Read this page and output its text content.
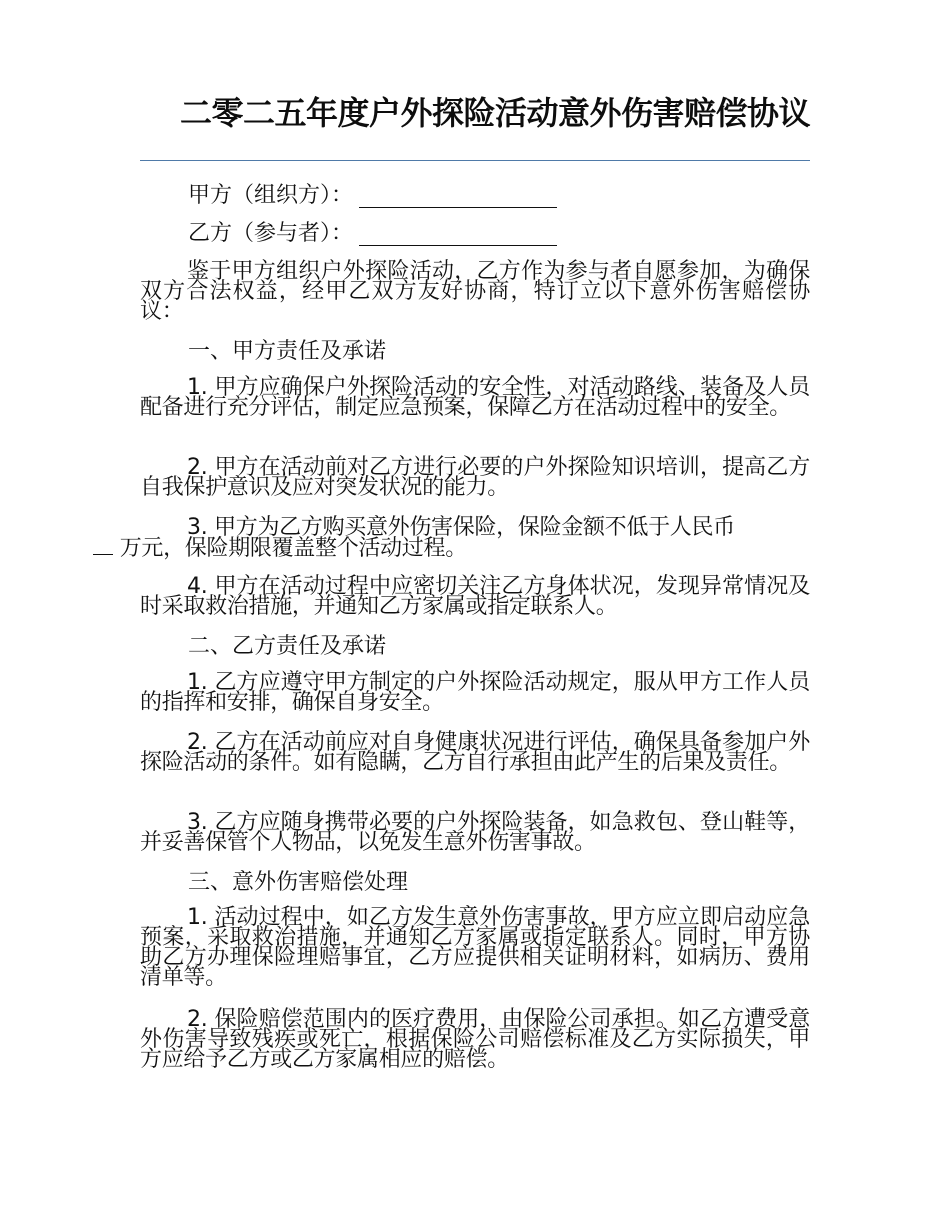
二零二五年度户外探险活动意外伤害赔偿协议
甲方（组织方）：
乙方（参与者）：

鉴于甲方组织户外探险活动，乙方作为参与者自愿参加，为确保双方合法权益，经甲乙双方友好协商，特订立以下意外伤害赔偿协议：

一、甲方责任及承诺

1. 甲方应确保户外探险活动的安全性，对活动路线、装备及人员配备进行充分评估，制定应急预案，保障乙方在活动过程中的安全。

2. 甲方在活动前对乙方进行必要的户外探险知识培训，提高乙方自我保护意识及应对突发状况的能力。

3. 甲方为乙方购买意外伤害保险，保险金额不低于人民币
万元，保险期限覆盖整个活动过程。

4. 甲方在活动过程中应密切关注乙方身体状况，发现异常情况及时采取救治措施，并通知乙方家属或指定联系人。

二、乙方责任及承诺

1. 乙方应遵守甲方制定的户外探险活动规定，服从甲方工作人员的指挥和安排，确保自身安全。

2. 乙方在活动前应对自身健康状况进行评估，确保具备参加户外探险活动的条件。如有隐瞒，乙方自行承担由此产生的后果及责任。

3. 乙方应随身携带必要的户外探险装备，如急救包、登山鞋等，并妥善保管个人物品，以免发生意外伤害事故。

三、意外伤害赔偿处理

1. 活动过程中，如乙方发生意外伤害事故，甲方应立即启动应急预案，采取救治措施，并通知乙方家属或指定联系人。同时，甲方协助乙方办理保险理赔事宜，乙方应提供相关证明材料，如病历、费用清单等。

2. 保险赔偿范围内的医疗费用，由保险公司承担。如乙方遭受意外伤害导致残疾或死亡，根据保险公司赔偿标准及乙方实际损失，甲方应给予乙方或乙方家属相应的赔偿。
